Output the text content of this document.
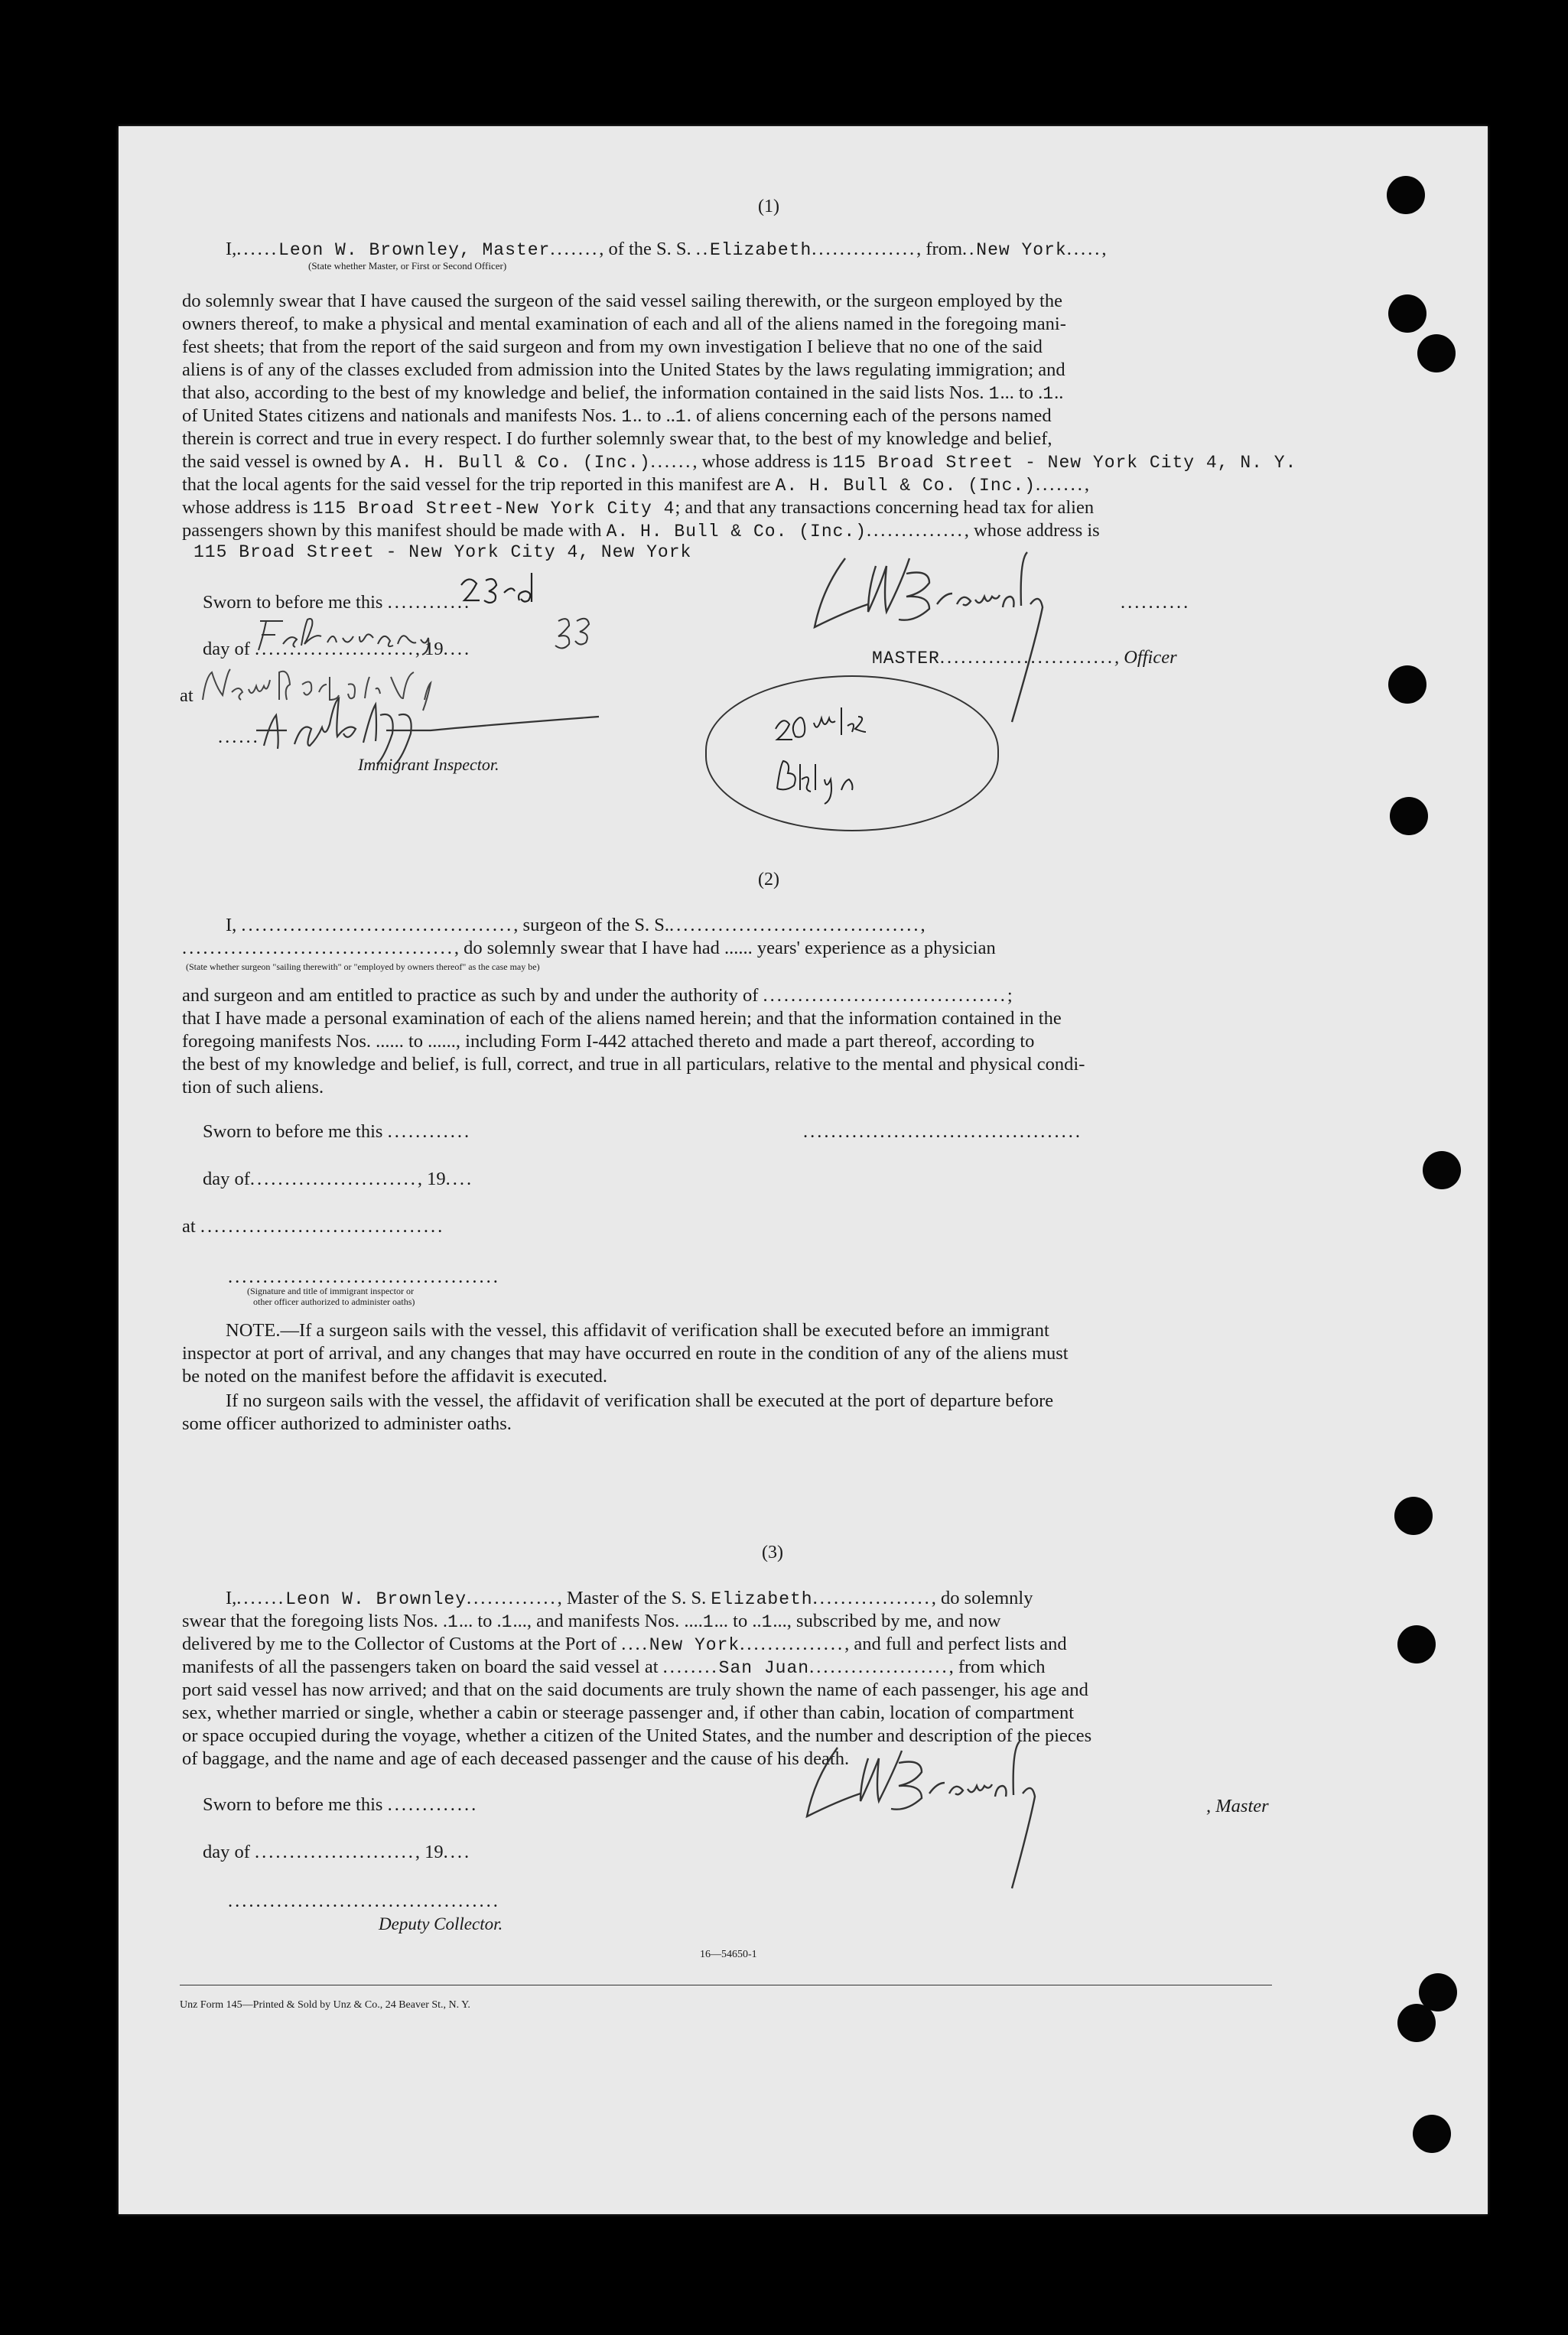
(1)
I,......Leon W. Brownley, Master......., of the S. S. ..Elizabeth..............., from..New York.....,
(State whether Master, or First or Second Officer)
do solemnly swear that I have caused the surgeon of the said vessel sailing therewith, or the surgeon employed by the
owners thereof, to make a physical and mental examination of each and all of the aliens named in the foregoing mani-
fest sheets; that from the report of the said surgeon and from my own investigation I believe that no one of the said
aliens is of any of the classes excluded from admission into the United States by the laws regulating immigration; and
that also, according to the best of my knowledge and belief, the information contained in the said lists Nos. 1... to .1..
of United States citizens and nationals and manifests Nos. 1.. to ..1. of aliens concerning each of the persons named
therein is correct and true in every respect. I do further solemnly swear that, to the best of my knowledge and belief,
the said vessel is owned by A. H. Bull & Co. (Inc.)......, whose address is 115 Broad Street - New York City 4, N. Y.
that the local agents for the said vessel for the trip reported in this manifest are A. H. Bull & Co. (Inc.).......,
whose address is 115 Broad Street-New York City 4; and that any transactions concerning head tax for alien
passengers shown by this manifest should be made with A. H. Bull & Co. (Inc.).............., whose address is
115 Broad Street - New York City 4, New York
Sworn to before me this ............
23rd
day of ......................., 19....
February	53
at
New York, N. Y.
H. Waldhoff
......
Immigrant Inspector.
20th St.
Bklyn
L W Brownley
..........
MASTER........................., Officer
(2)
I, ......................................., surgeon of the S. S.....................................,
......................................., do solemnly swear that I have had ...... years' experience as a physician
(State whether surgeon "sailing therewith" or "employed by owners thereof" as the case may be)
and surgeon and am entitled to practice as such by and under the authority of ...................................;
that I have made a personal examination of each of the aliens named herein; and that the information contained in the
foregoing manifests Nos. ...... to ......, including Form I-442 attached thereto and made a part thereof, according to
the best of my knowledge and belief, is full, correct, and true in all particulars, relative to the mental and physical condi-
tion of such aliens.
Sworn to before me this ............	........................................
day of........................, 19....
at ...................................
.......................................
(Signature and title of immigrant inspector or
other officer authorized to administer oaths)
NOTE.—If a surgeon sails with the vessel, this affidavit of verification shall be executed before an immigrant
inspector at port of arrival, and any changes that may have occurred en route in the condition of any of the aliens must
be noted on the manifest before the affidavit is executed.
If no surgeon sails with the vessel, the affidavit of verification shall be executed at the port of departure before
some officer authorized to administer oaths.
(3)
I,.......Leon W. Brownley............., Master of the S. S. Elizabeth................., do solemnly
swear that the foregoing lists Nos. .1... to .1..., and manifests Nos. ....1... to ..1..., subscribed by me, and now
delivered by me to the Collector of Customs at the Port of ....New York..............., and full and perfect lists and
manifests of all the passengers taken on board the said vessel at ........San Juan...................., from which
port said vessel has now arrived; and that on the said documents are truly shown the name of each passenger, his age and
sex, whether married or single, whether a cabin or steerage passenger and, if other than cabin, location of compartment
or space occupied during the voyage, whether a citizen of the United States, and the number and description of the pieces
of baggage, and the name and age of each deceased passenger and the cause of his death.
Sworn to before me this .............
L W Brownley
, Master
day of ......................., 19....
.......................................
Deputy Collector.
16—54650-1
Unz Form 145—Printed & Sold by Unz & Co., 24 Beaver St., N. Y.
